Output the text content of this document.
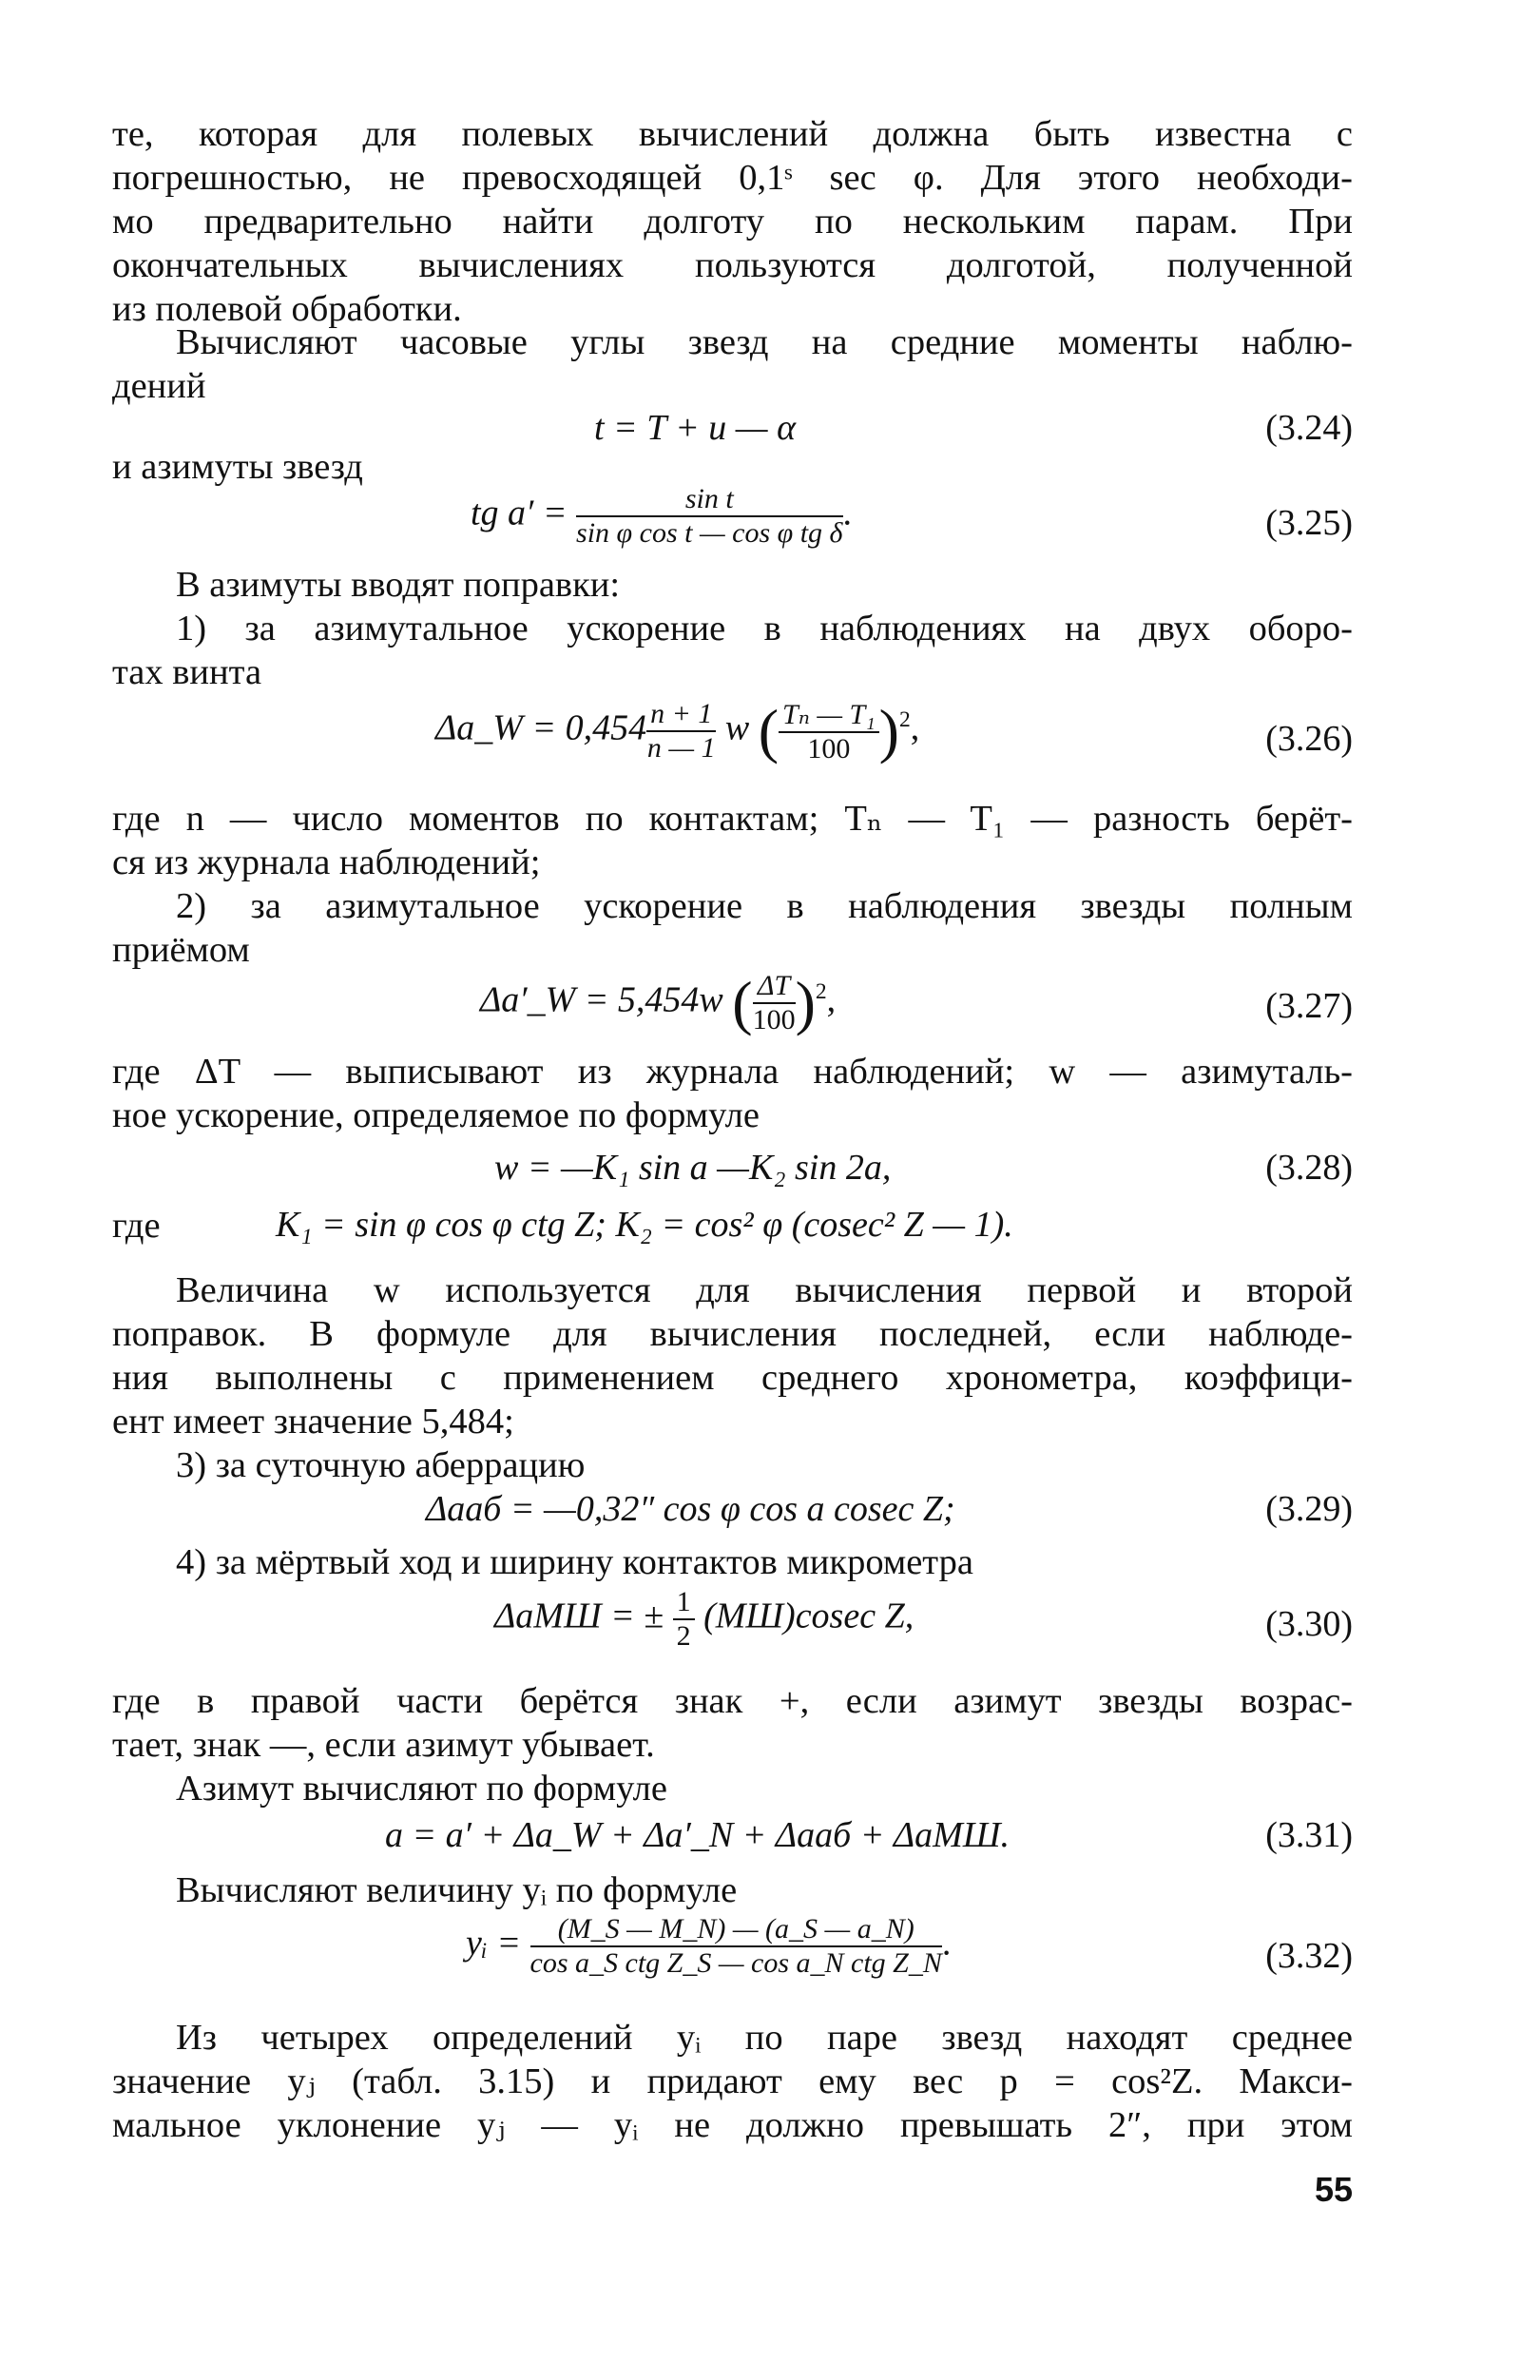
те, которая для полевых вычислений должна быть известна с
погрешностью, не превосходящей 0,1ˢ sec φ. Для этого необходи-
мо предварительно найти долготу по нескольким парам. При
окончательных вычислениях пользуются долготой, полученной
из полевой обработки.
Вычисляют часовые углы звезд на средние моменты наблю-
дений
t = T + u — α	(3.24)
и азимуты звезд
tg $a' = \frac{\text{sin t}}{\text{sin φ cos t — cos φ tg δ}}$ .	(3.25)
В азимуты вводят поправки:
1) за азимутальное ускорение в наблюдениях на двух оборо-
тах винта
Δa_W = $0,454 \frac{n + 1}{n — 1}$ w ( $\frac{\text{Tₙ — T₁}}{100} )^2$,	(3.26)
где n — число моментов по контактам; Tₙ — T₁ — разность берёт-
ся из журнала наблюдений;
2) за азимутальное ускорение в наблюдения звезды полным
приёмом
Δa′_W = 5,454w ( $\frac{\Delta T}{100} )^2$,	(3.27)
где ΔT — выписывают из журнала наблюдений; w — азимуталь-
ное ускорение, определяемое по формуле
w = —K₁ sin a —K₂ sin 2a,	(3.28)
где	K₁ = sin φ cos φ ctg Z; K₂ = cos² φ (cosec² Z — 1).
Величина w используется для вычисления первой и второй
поправок. В формуле для вычисления последней, если наблюде-
ния выполнены с применением среднего хронометра, коэффици-
ент имеет значение 5,484;
3) за суточную аберрацию
Δaаб = —0,32″ cos φ cos a cosec Z;	(3.29)
4) за мёртвый ход и ширину контактов микрометра
ΔaМШ = ± $\frac{1}{2} (МШ)cosec$ Z,	(3.30)
где в правой части берётся знак +, если азимут звезды возрас-
тает, знак —, если азимут убывает.
Азимут вычисляют по формуле
a = a′ + Δa_W + Δa′_N + Δaаб + ΔaМШ.	(3.31)
Вычисляют величину yᵢ по формуле
yᵢ = $\frac{(M\_S — M\_N) — (a\_S — a\_N)}{\text{cos a\_S ctg Z\_S — cos a\_N ctg Z\_N}}$ .	(3.32)
Из четырех определений yᵢ по паре звезд находят среднее
значение yⱼ (табл. 3.15) и придают ему вес p = cos²Z. Макси-
мальное уклонение yⱼ — yᵢ не должно превышать 2″, при этом
55
